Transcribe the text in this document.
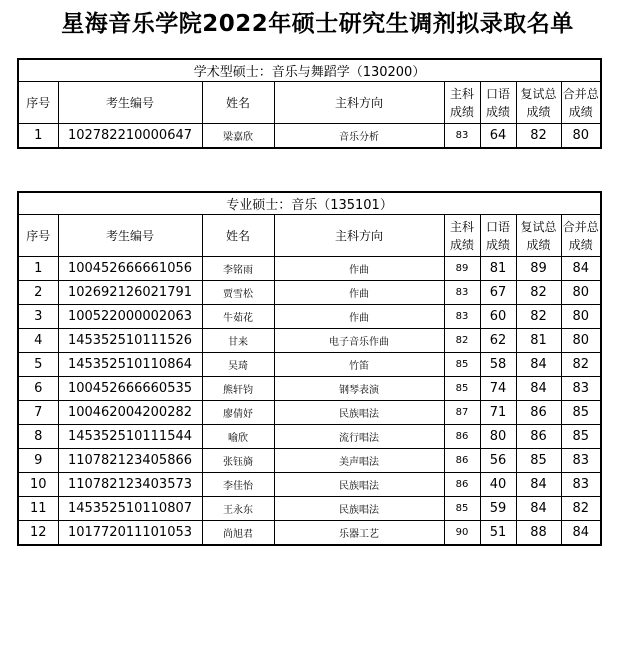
星海音乐学院2022年硕士研究生调剂拟录取名单
学术型硕士：音乐与舞蹈学（130200）							
序号	考生编号	姓名	主科方向	主科成绩	口语成绩	复试总成绩	合并总成绩
1	102782210000647	梁嘉欣	音乐分析	83	64	82	80
专业硕士：音乐（135101）							
序号	考生编号	姓名	主科方向	主科成绩	口语成绩	复试总成绩	合并总成绩
1	100452666661056	李铭雨	作曲	89	81	89	84
2	102692126021791	贾雪松	作曲	83	67	82	80
3	100522000002063	牛茹花	作曲	83	60	82	80
4	145352510111526	甘来	电子音乐作曲	82	62	81	80
5	145352510110864	吴琦	竹笛	85	58	84	82
6	100452666660535	熊轩钧	钢琴表演	85	74	84	83
7	100462004200282	廖倩妤	民族唱法	87	71	86	85
8	145352510111544	喻欣	流行唱法	86	80	86	85
9	110782123405866	张钰旖	美声唱法	86	56	85	83
10	110782123403573	李佳怡	民族唱法	86	40	84	83
11	145352510110807	王永东	民族唱法	85	59	84	82
12	101772011101053	尚旭君	乐器工艺	90	51	88	84
